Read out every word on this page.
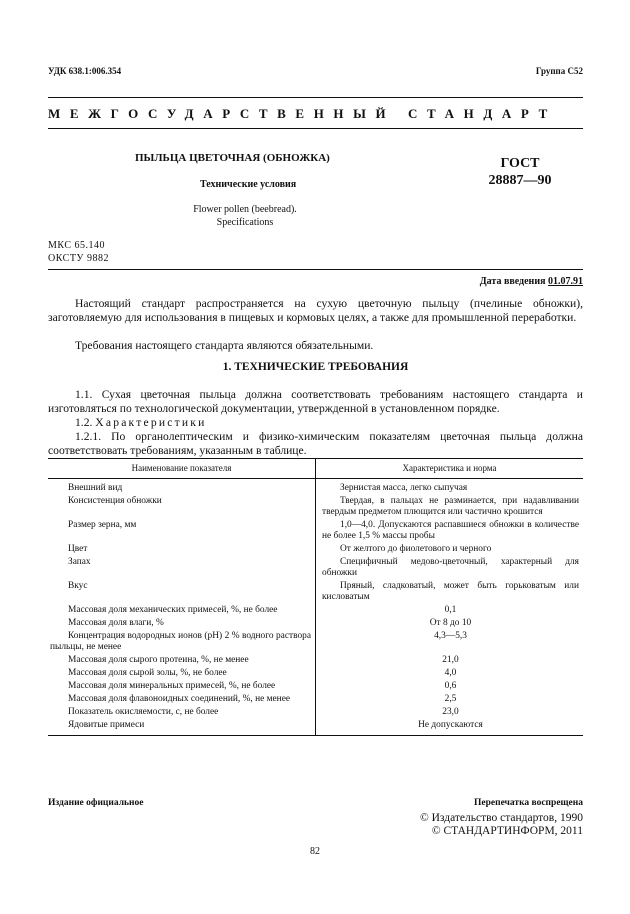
УДК 638.1:006.354	Группа С52
МЕЖГОСУДАРСТВЕННЫЙ СТАНДАРТ
ПЫЛЬЦА ЦВЕТОЧНАЯ (ОБНОЖКА)
Технические условия
Flower pollen (beebread).
Specifications
ГОСТ
28887—90
МКС 65.140
ОКСТУ 9882
Дата введения 01.07.91
Настоящий стандарт распространяется на сухую цветочную пыльцу (пчелиные обножки), заготовляемую для использования в пищевых и кормовых целях, а также для промышленной переработки.
Требования настоящего стандарта являются обязательными.
1. ТЕХНИЧЕСКИЕ ТРЕБОВАНИЯ
1.1. Сухая цветочная пыльца должна соответствовать требованиям настоящего стандарта и изготовляться по технологической документации, утвержденной в установленном порядке.
1.2. Характеристики
1.2.1. По органолептическим и физико-химическим показателям цветочная пыльца должна соответствовать требованиям, указанным в таблице.
Наименование показателя	Характеристика и норма
Внешний вид	Зернистая масса, легко сыпучая
Консистенция обножки	Твердая, в пальцах не разминается, при надавливании твердым предметом плющится или частично крошится
Размер зерна, мм	1,0—4,0. Допускаются распавшиеся обножки в количестве не более 1,5 % массы пробы
Цвет	От желтого до фиолетового и черного
Запах	Специфичный медово-цветочный, характерный для обножки
Вкус	Пряный, сладковатый, может быть горьковатым или кисловатым
Массовая доля механических примесей, %, не более	0,1
Массовая доля влаги, %	От 8 до 10
Концентрация водородных ионов (рН) 2 % водного раствора пыльцы, не менее	4,3—5,3
Массовая доля сырого протеина, %, не менее	21,0
Массовая доля сырой золы, %, не более	4,0
Массовая доля минеральных примесей, %, не более	0,6
Массовая доля флавоноидных соединений, %, не менее	2,5
Показатель окисляемости, с, не более	23,0
Ядовитые примеси	Не допускаются
Издание официальное	Перепечатка воспрещена
© Издательство стандартов, 1990
© СТАНДАРТИНФОРМ, 2011
82
